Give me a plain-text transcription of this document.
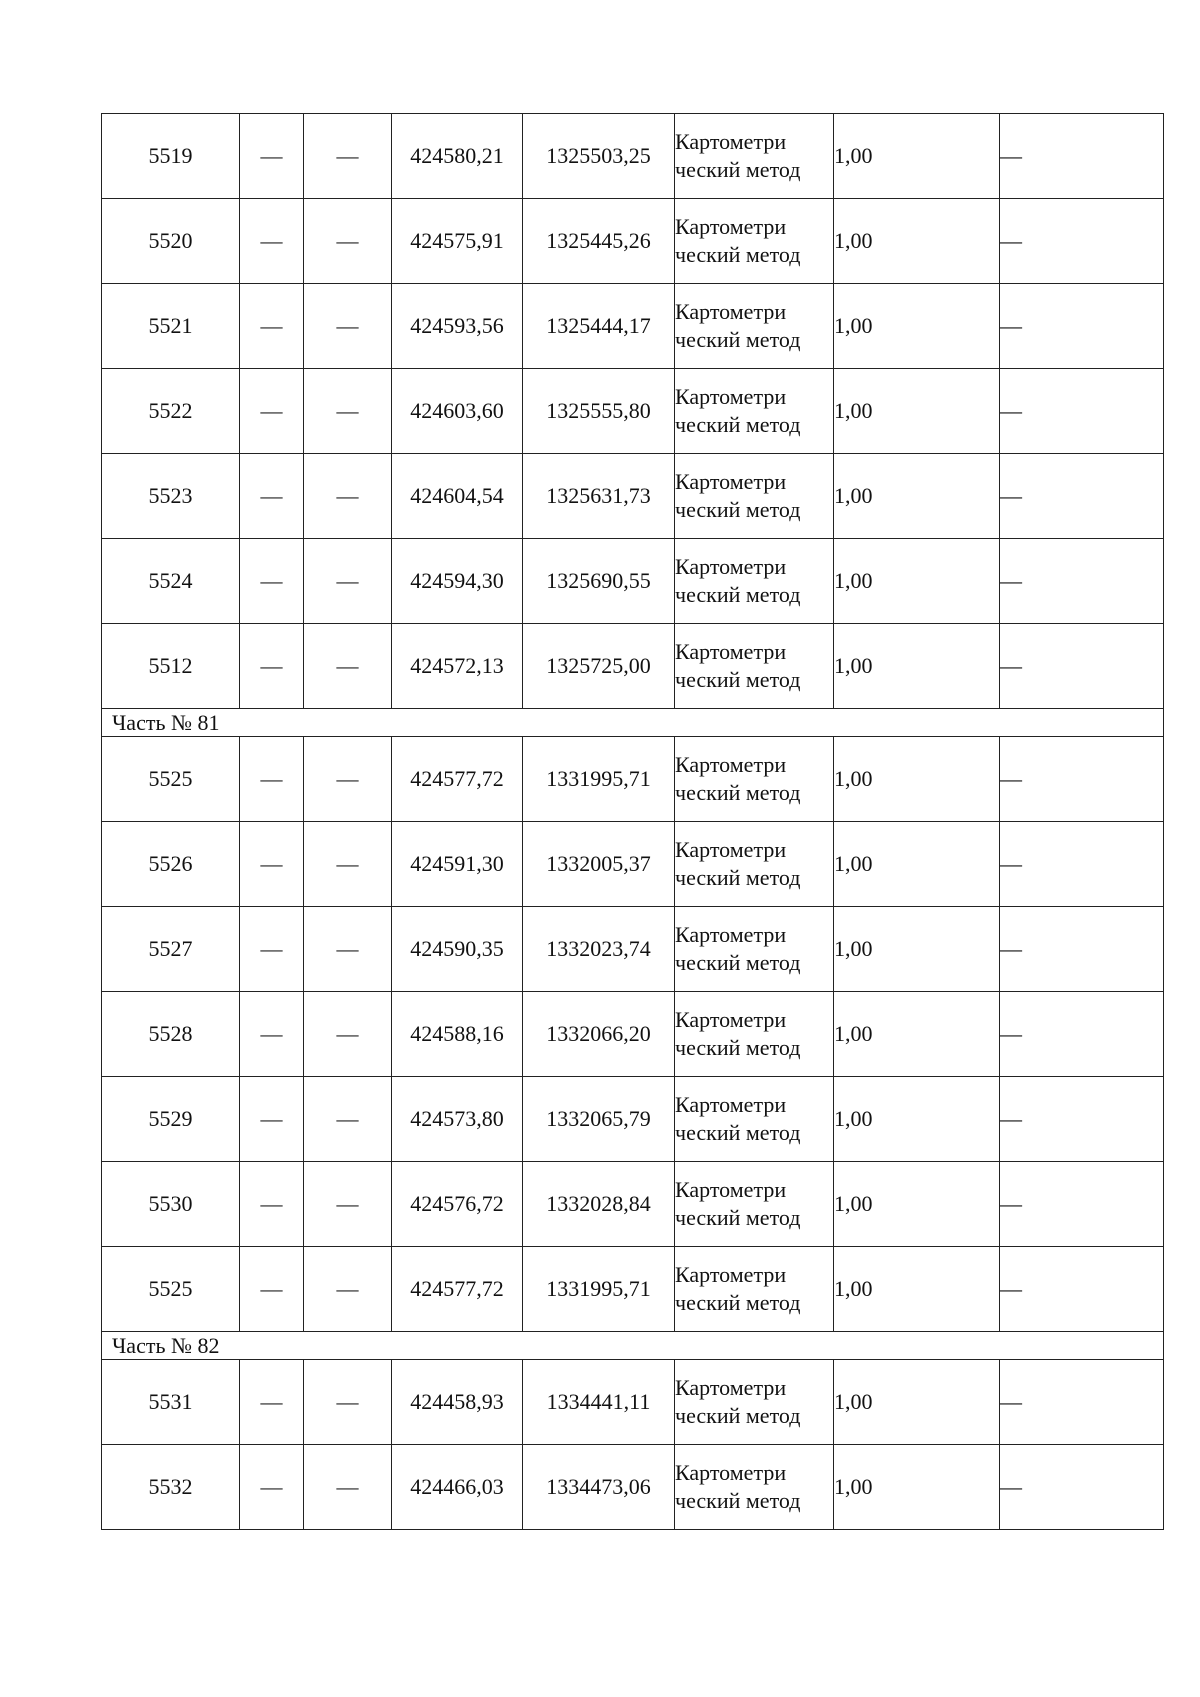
5519	—	—	424580,21	1325503,25	Картометри ческий метод	1,00	—
5520	—	—	424575,91	1325445,26	Картометри ческий метод	1,00	—
5521	—	—	424593,56	1325444,17	Картометри ческий метод	1,00	—
5522	—	—	424603,60	1325555,80	Картометри ческий метод	1,00	—
5523	—	—	424604,54	1325631,73	Картометри ческий метод	1,00	—
5524	—	—	424594,30	1325690,55	Картометри ческий метод	1,00	—
5512	—	—	424572,13	1325725,00	Картометри ческий метод	1,00	—
Часть № 81							
5525	—	—	424577,72	1331995,71	Картометри ческий метод	1,00	—
5526	—	—	424591,30	1332005,37	Картометри ческий метод	1,00	—
5527	—	—	424590,35	1332023,74	Картометри ческий метод	1,00	—
5528	—	—	424588,16	1332066,20	Картометри ческий метод	1,00	—
5529	—	—	424573,80	1332065,79	Картометри ческий метод	1,00	—
5530	—	—	424576,72	1332028,84	Картометри ческий метод	1,00	—
5525	—	—	424577,72	1331995,71	Картометри ческий метод	1,00	—
Часть № 82							
5531	—	—	424458,93	1334441,11	Картометри ческий метод	1,00	—
5532	—	—	424466,03	1334473,06	Картометри ческий метод	1,00	—
